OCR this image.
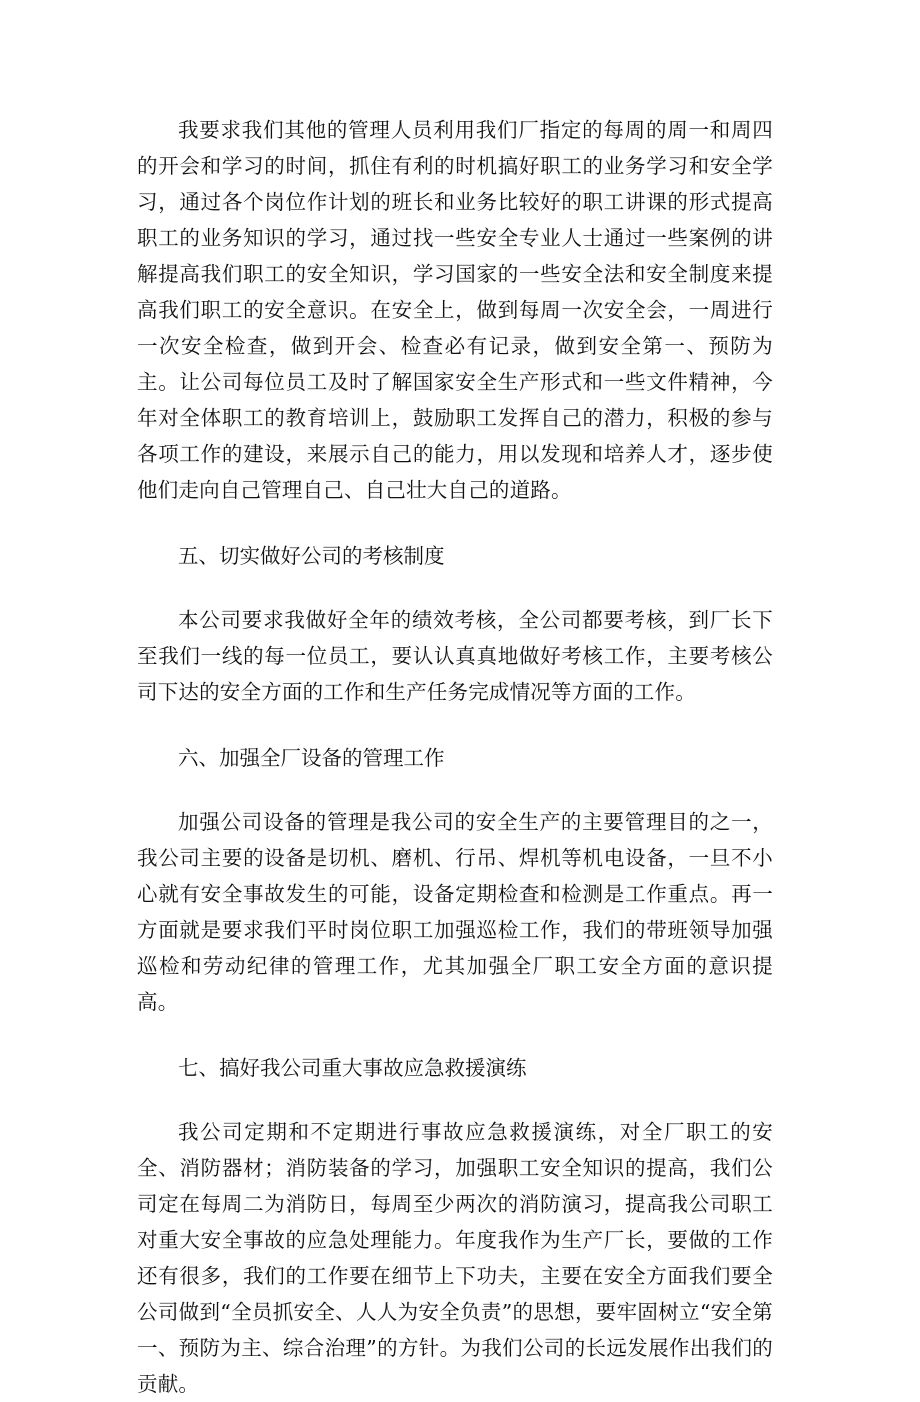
我要求我们其他的管理人员利用我们厂指定的每周的周一和周四的开会和学习的时间，抓住有利的时机搞好职工的业务学习和安全学习，通过各个岗位作计划的班长和业务比较好的职工讲课的形式提高职工的业务知识的学习，通过找一些安全专业人士通过一些案例的讲解提高我们职工的安全知识，学习国家的一些安全法和安全制度来提高我们职工的安全意识。在安全上，做到每周一次安全会，一周进行一次安全检查，做到开会、检查必有记录，做到安全第一、预防为主。让公司每位员工及时了解国家安全生产形式和一些文件精神，今年对全体职工的教育培训上，鼓励职工发挥自己的潜力，积极的参与各项工作的建设，来展示自己的能力，用以发现和培养人才，逐步使他们走向自己管理自己、自己壮大自己的道路。

五、切实做好公司的考核制度

本公司要求我做好全年的绩效考核，全公司都要考核，到厂长下至我们一线的每一位员工，要认认真真地做好考核工作，主要考核公司下达的安全方面的工作和生产任务完成情况等方面的工作。

六、加强全厂设备的管理工作

加强公司设备的管理是我公司的安全生产的主要管理目的之一，我公司主要的设备是切机、磨机、行吊、焊机等机电设备，一旦不小心就有安全事故发生的可能，设备定期检查和检测是工作重点。再一方面就是要求我们平时岗位职工加强巡检工作，我们的带班领导加强巡检和劳动纪律的管理工作，尤其加强全厂职工安全方面的意识提高。

七、搞好我公司重大事故应急救援演练

我公司定期和不定期进行事故应急救援演练，对全厂职工的安全、消防器材；消防装备的学习，加强职工安全知识的提高，我们公司定在每周二为消防日，每周至少两次的消防演习，提高我公司职工对重大安全事故的应急处理能力。年度我作为生产厂长，要做的工作还有很多，我们的工作要在细节上下功夫，主要在安全方面我们要全公司做到“全员抓安全、人人为安全负责”的思想，要牢固树立“安全第一、预防为主、综合治理”的方针。为我们公司的长远发展作出我们的贡献。
